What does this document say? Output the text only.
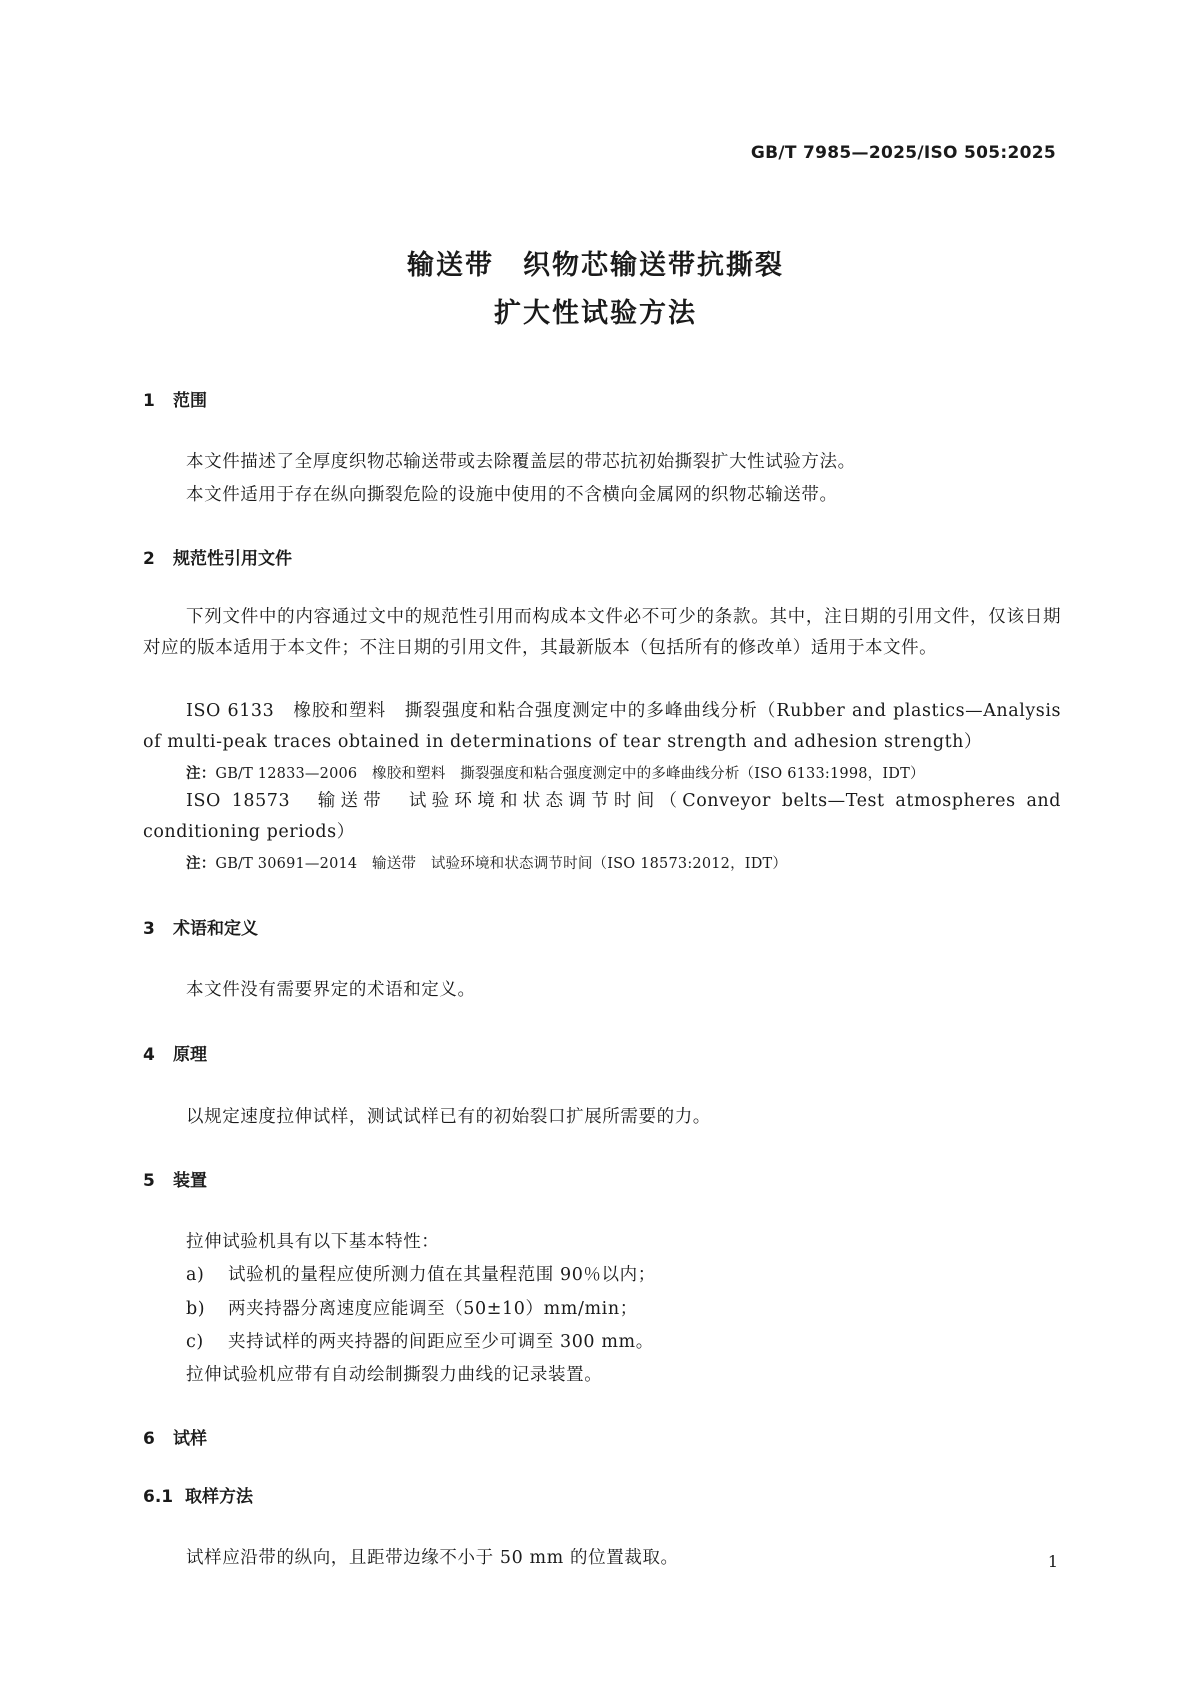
GB/T 7985—2025/ISO 505:2025
输送带　织物芯输送带抗撕裂
扩大性试验方法
1 范围
本文件描述了全厚度织物芯输送带或去除覆盖层的带芯抗初始撕裂扩大性试验方法。
本文件适用于存在纵向撕裂危险的设施中使用的不含横向金属网的织物芯输送带。
2 规范性引用文件
下列文件中的内容通过文中的规范性引用而构成本文件必不可少的条款。其中，注日期的引用文件，仅该日期对应的版本适用于本文件；不注日期的引用文件，其最新版本（包括所有的修改单）适用于本文件。
ISO 6133　橡胶和塑料　撕裂强度和粘合强度测定中的多峰曲线分析（Rubber and plastics—Analysis of multi-peak traces obtained in determinations of tear strength and adhesion strength）
注：GB/T 12833—2006　橡胶和塑料　撕裂强度和粘合强度测定中的多峰曲线分析（ISO 6133:1998，IDT）
ISO 18573　输送带　试验环境和状态调节时间（Conveyor belts—Test atmospheres and conditioning periods）
注：GB/T 30691—2014　输送带　试验环境和状态调节时间（ISO 18573:2012，IDT）
3 术语和定义
本文件没有需要界定的术语和定义。
4 原理
以规定速度拉伸试样，测试试样已有的初始裂口扩展所需要的力。
5 装置
拉伸试验机具有以下基本特性：
a) 试验机的量程应使所测力值在其量程范围 90％以内；
b) 两夹持器分离速度应能调至（50±10）mm/min；
c) 夹持试样的两夹持器的间距应至少可调至 300 mm。
拉伸试验机应带有自动绘制撕裂力曲线的记录装置。
6 试样
6.1 取样方法
试样应沿带的纵向，且距带边缘不小于 50 mm 的位置裁取。	1
